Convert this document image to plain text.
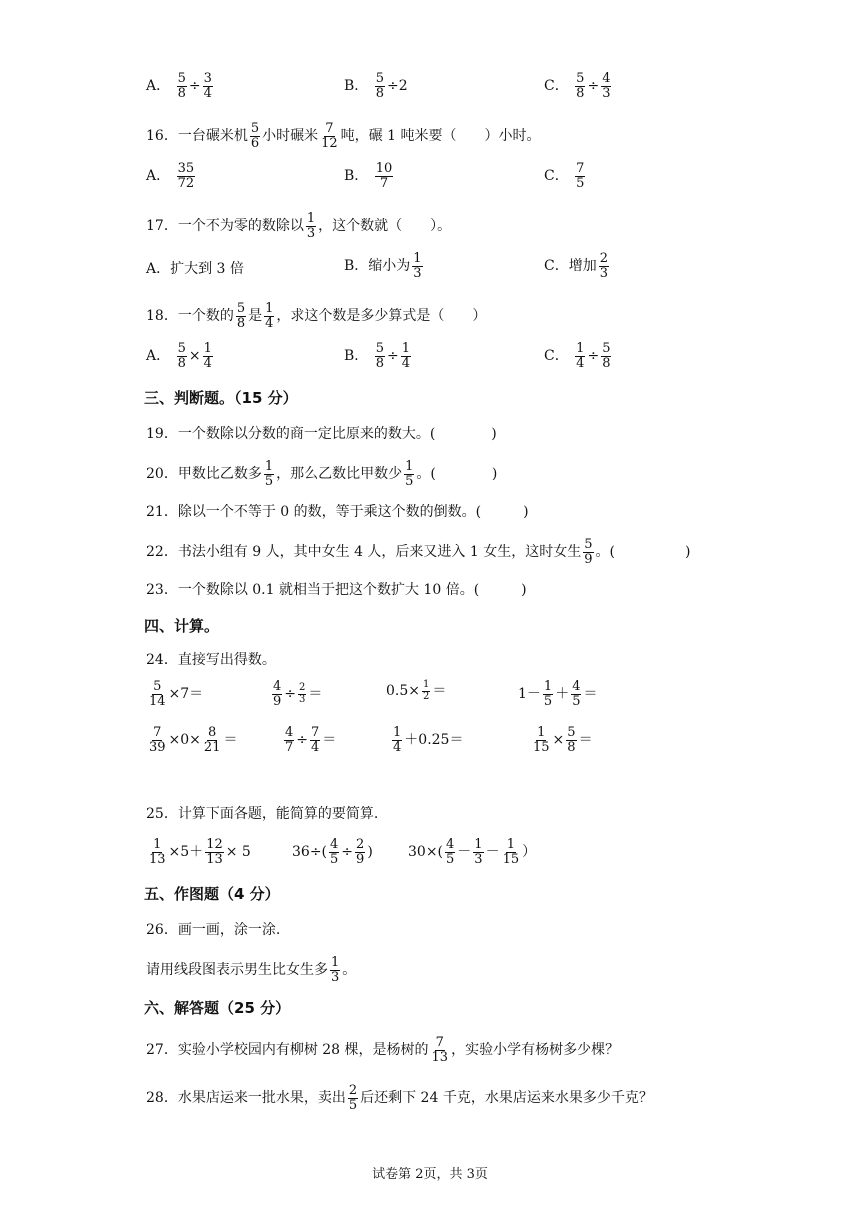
A． $\frac{5}{8} \div \frac{3}{4}$	B． $\frac{5}{8} \div 2$	C． $\frac{5}{8} \div \frac{4}{3}$
16．一台碾米机 $\frac{5}{6}$ 小时碾米 $\frac{7}{12}$ 吨，碾 1 吨米要（　　）小时。
A． $\frac{35}{72}$	B． $\frac{10}{7}$	C． $\frac{7}{5}$
17．一个不为零的数除以 $\frac{1}{3}$ ，这个数就（　　）。
A．扩大到 3 倍	B．缩小为 $\frac{1}{3}$	C．增加 $\frac{2}{3}$
18．一个数的 $\frac{5}{8}$ 是 $\frac{1}{4}$ ，求这个数是多少算式是（　　）
A． $\frac{5}{8} \times \frac{1}{4}$	B． $\frac{5}{8} \div \frac{1}{4}$	C． $\frac{1}{4} \div \frac{5}{8}$
三、判断题。（15 分）
19．一个数除以分数的商一定比原来的数大。(　　　　)
20．甲数比乙数多 $\frac{1}{5}$ ，那么乙数比甲数少 $\frac{1}{5}$ 。(　　　　)
21．除以一个不等于 0 的数，等于乘这个数的倒数。(　　　)
22．书法小组有 9 人，其中女生 4 人，后来又进入 1 女生，这时女生 $\frac{5}{9}$ 。(　　　　　)
23．一个数除以 0.1 就相当于把这个数扩大 10 倍。(　　　)
四、计算。
24．直接写出得数。
$\frac{5}{14} \times 7=$	$\frac{4}{9} \div \frac{2}{3}$ ＝	$0.5\times \frac{1}{2}$ ＝	$1- \frac{1}{5} + \frac{4}{5}$ ＝
$\frac{7}{39} \times 0\times \frac{8}{21}$ ＝	$\frac{4}{7} \div \frac{7}{4}$ ＝	$\frac{1}{4} +0.25=$	$\frac{1}{15} \times \frac{5}{8}$ ＝
25．计算下面各题，能简算的要简算.
$\frac{1}{13} \times 5+ \frac{12}{13} \times 5$	$36\div( \frac{4}{5} \div \frac{2}{9}$ )	$30\times( \frac{4}{5} - \frac{1}{3} - \frac{1}{15}$ ）
五、作图题（4 分）
26．画一画，涂一涂.
请用线段图表示男生比女生多 $\frac{1}{3}$ 。
六、解答题（25 分）
27．实验小学校园内有柳树 28 棵，是杨树的 $\frac{7}{13}$ ，实验小学有杨树多少棵？
28．水果店运来一批水果，卖出 $\frac{2}{5}$ 后还剩下 24 千克，水果店运来水果多少千克？
试卷第 2页，共 3页
